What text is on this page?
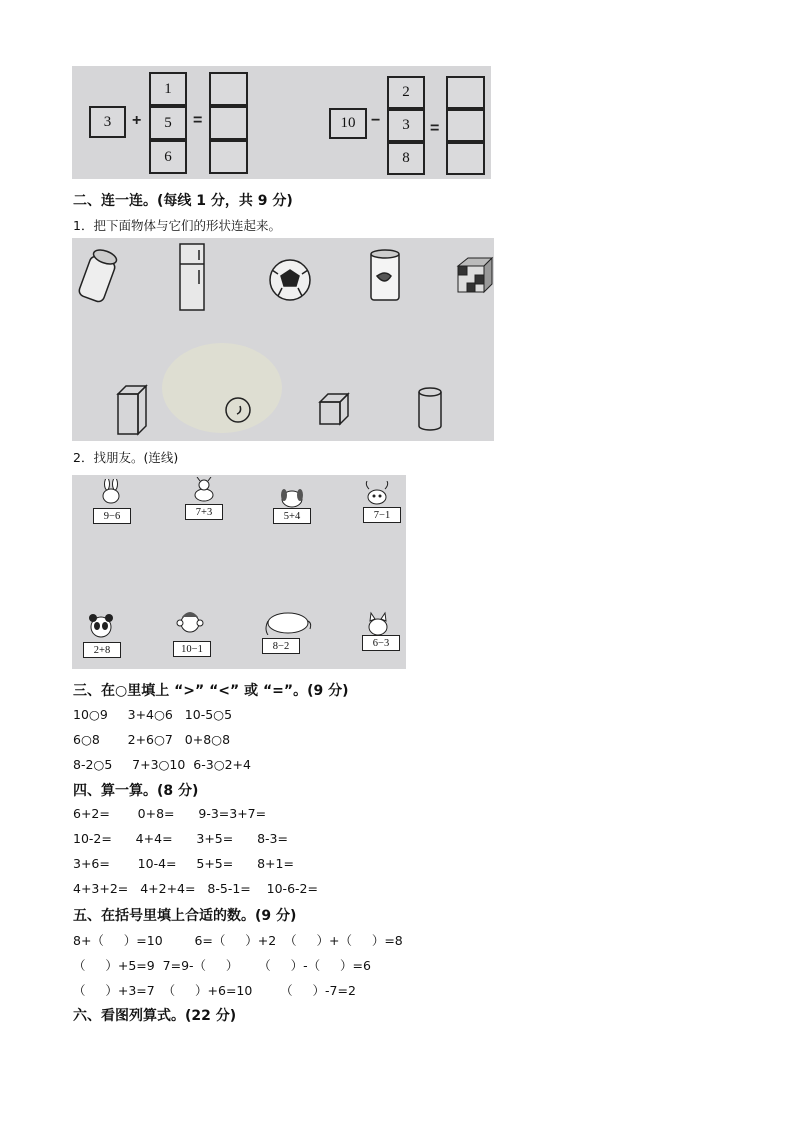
3 +
1
5
6
=	10 −
2
3
8
=
二、连一连。(每线 1 分，共 9 分)
1．把下面物体与它们的形状连起来。
2．找朋友。(连线)
9−6	7+3	5+4	7−1
2+8	10−1	8−2	6−3
三、在○里填上 “>” “<” 或 “=”。(9 分)
10○9     3+4○6   10-5○5
6○8       2+6○7   0+8○8
8-2○5     7+3○10  6-3○2+4
四、算一算。(8 分)
6+2=       0+8=      9-3=3+7=
10-2=      4+4=      3+5=      8-3=
3+6=       10-4=     5+5=      8+1=
4+3+2=   4+2+4=   8-5-1=    10-6-2=
五、在括号里填上合适的数。(9 分)
8+（     ）=10        6=（     ）+2  （     ）+（     ）=8
（     ）+5=9  7=9-（     ）     （     ）-（     ）=6
（     ）+3=7  （     ）+6=10       （     ）-7=2
六、看图列算式。(22 分)
